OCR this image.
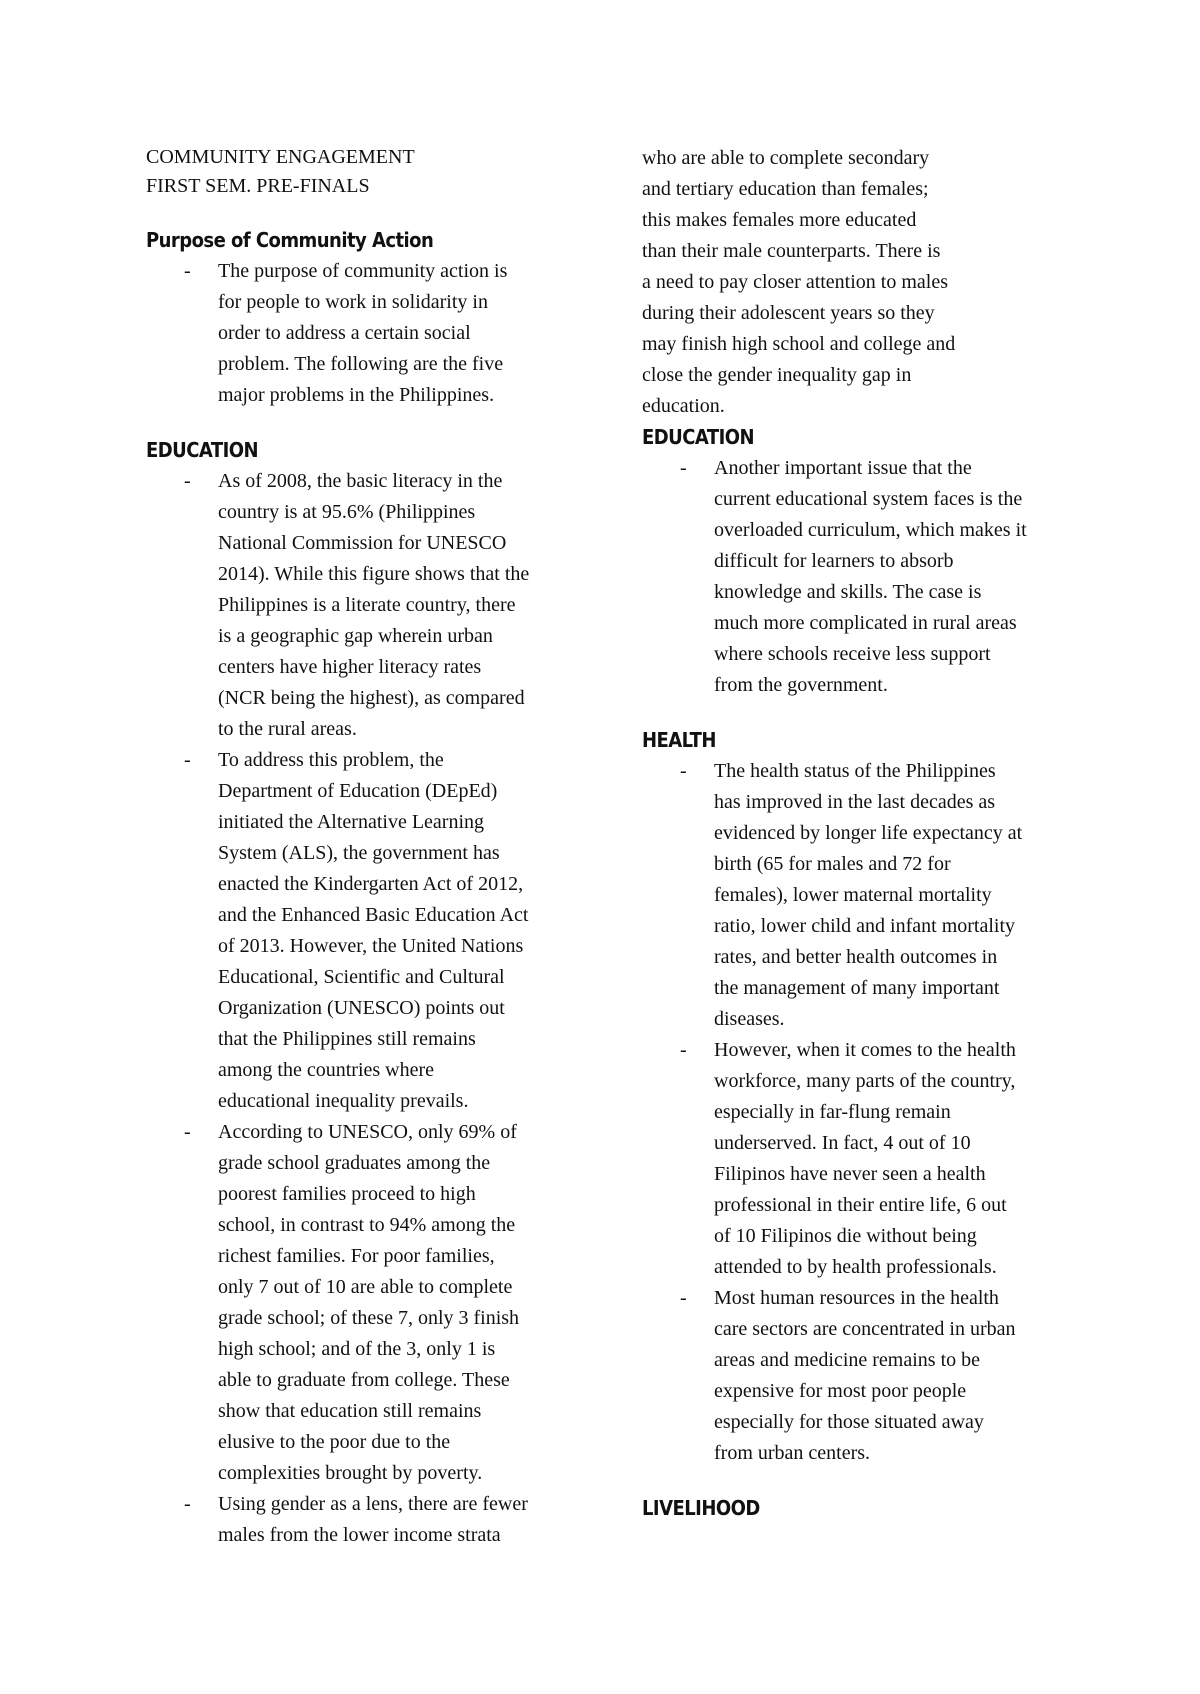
COMMUNITY ENGAGEMENT
FIRST SEM. PRE-FINALS
Purpose of Community Action
- The purpose of community action is
for people to work in solidarity in
order to address a certain social
problem. The following are the five
major problems in the Philippines.
EDUCATION
- As of 2008, the basic literacy in the
country is at 95.6% (Philippines
National Commission for UNESCO
2014). While this figure shows that the
Philippines is a literate country, there
is a geographic gap wherein urban
centers have higher literacy rates
(NCR being the highest), as compared
to the rural areas.
- To address this problem, the
Department of Education (DEpEd)
initiated the Alternative Learning
System (ALS), the government has
enacted the Kindergarten Act of 2012,
and the Enhanced Basic Education Act
of 2013. However, the United Nations
Educational, Scientific and Cultural
Organization (UNESCO) points out
that the Philippines still remains
among the countries where
educational inequality prevails.
- According to UNESCO, only 69% of
grade school graduates among the
poorest families proceed to high
school, in contrast to 94% among the
richest families. For poor families,
only 7 out of 10 are able to complete
grade school; of these 7, only 3 finish
high school; and of the 3, only 1 is
able to graduate from college. These
show that education still remains
elusive to the poor due to the
complexities brought by poverty.
- Using gender as a lens, there are fewer
males from the lower income strata
who are able to complete secondary
and tertiary education than females;
this makes females more educated
than their male counterparts. There is
a need to pay closer attention to males
during their adolescent years so they
may finish high school and college and
close the gender inequality gap in
education.
EDUCATION
- Another important issue that the
current educational system faces is the
overloaded curriculum, which makes it
difficult for learners to absorb
knowledge and skills. The case is
much more complicated in rural areas
where schools receive less support
from the government.
HEALTH
- The health status of the Philippines
has improved in the last decades as
evidenced by longer life expectancy at
birth (65 for males and 72 for
females), lower maternal mortality
ratio, lower child and infant mortality
rates, and better health outcomes in
the management of many important
diseases.
- However, when it comes to the health
workforce, many parts of the country,
especially in far-flung remain
underserved. In fact, 4 out of 10
Filipinos have never seen a health
professional in their entire life, 6 out
of 10 Filipinos die without being
attended to by health professionals.
- Most human resources in the health
care sectors are concentrated in urban
areas and medicine remains to be
expensive for most poor people
especially for those situated away
from urban centers.
LIVELIHOOD
